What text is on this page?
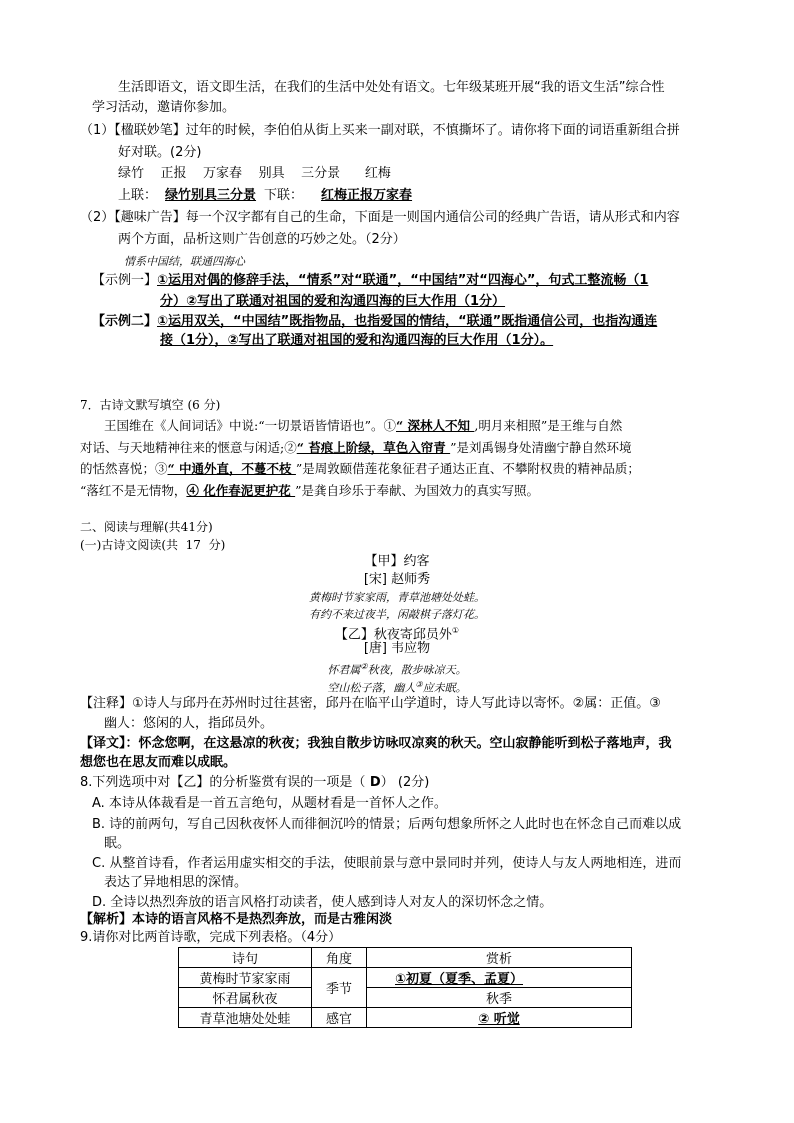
生活即语文，语文即生活，在我们的生活中处处有语文。七年级某班开展“我的语文生活”综合性
学习活动，邀请你参加。
（1）【楹联妙笔】过年的时候，李伯伯从街上买来一副对联，不慎撕坏了。请你将下面的词语重新组合拼
好对联。(2分)
绿竹    正报    万家春    别具    三分景      红梅
上联： 绿竹别具三分景 下联： 红梅正报万家春
（2）【趣味广告】每一个汉字都有自己的生命，下面是一则国内通信公司的经典广告语，请从形式和内容
两个方面，品析这则广告创意的巧妙之处。（2分）
情系中国结，联通四海心
【示例一】①运用对偶的修辞手法，“情系”对“联通”，“中国结”对“四海心”，句式工整流畅（1
分）②写出了联通对祖国的爱和沟通四海的巨大作用（1分）
【示例二】①运用双关，“中国结”既指物品，也指爱国的情结，“联通”既指通信公司，也指沟通连
接（1分），②写出了联通对祖国的爱和沟通四海的巨大作用（1分）。
7．古诗文默写填空 (6 分)
王国维在《人间词话》中说:“一切景语皆情语也”。①“ 深林人不知 ,明月来相照”是王维与自然
对话、与天地精神往来的惬意与闲适;②“ 苔痕上阶绿，草色入帘青 ”是刘禹锡身处清幽宁静自然环境
的恬然喜悦；③“ 中通外直，不蔓不枝 ”是周敦颐借莲花象征君子通达正直、不攀附权贵的精神品质；
“落红不是无情物，④ 化作春泥更护花 ”是龚自珍乐于奉献、为国效力的真实写照。
二、阅读与理解(共41分)
(一)古诗文阅读(共  17  分)
【甲】约客
[宋] 赵师秀
黄梅时节家家雨，青草池塘处处蛙。
有约不来过夜半，闲敲棋子落灯花。
【乙】秋夜寄邱员外①
[唐] 韦应物
怀君属②秋夜，散步咏凉天。
空山松子落，幽人③应未眠。
【注释】①诗人与邱丹在苏州时过往甚密，邱丹在临平山学道时，诗人写此诗以寄怀。②属：正值。③
幽人：悠闲的人，指邱员外。
【译文】：怀念您啊，在这悬凉的秋夜；我独自散步访咏叹凉爽的秋天。空山寂静能听到松子落地声，我
想您也在思友而难以成眠。
8.下列选项中对【乙】的分析鉴赏有误的一项是（ D） (2分)
A. 本诗从体裁看是一首五言绝句，从题材看是一首怀人之作。
B. 诗的前两句，写自己因秋夜怀人而徘徊沉吟的情景；后两句想象所怀之人此时也在怀念自己而难以成
眠。
C. 从整首诗看，作者运用虚实相交的手法，使眼前景与意中景同时并列，使诗人与友人两地相连，进而
表达了异地相思的深情。
D. 全诗以热烈奔放的语言风格打动读者，使人感到诗人对友人的深切怀念之情。
【解析】本诗的语言风格不是热烈奔放，而是古雅闲淡
9.请你对比两首诗歌，完成下列表格。（4分）
诗句	角度	赏析
黄梅时节家家雨	季节	①初夏（夏季、孟夏）
怀君属秋夜		秋季
青草池塘处处蛙	感官	② 听觉
